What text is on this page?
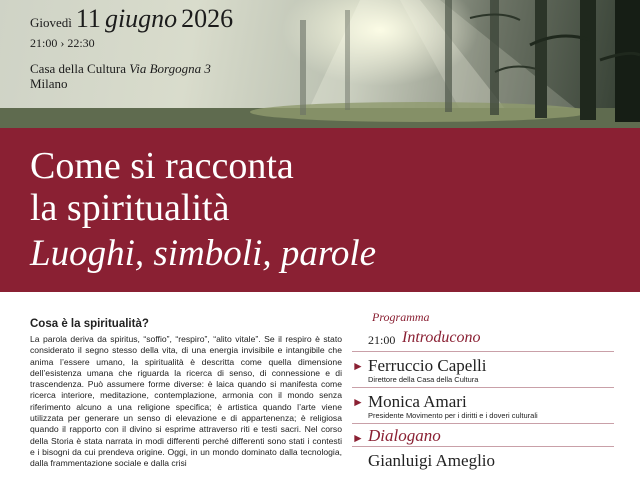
Giovedì 11 giugno 2026
21:00 › 22:30
Casa della Cultura Via Borgogna 3
Milano
Come si racconta
la spiritualità
Luoghi, simboli, parole
Cosa è la spiritualità?

La parola deriva da spiritus, “soffio”, “respiro”, “alito vitale”. Se il respiro è stato considerato il segno stesso della vita, di una energia invisibile e intangibile che anima l’essere umano, la spiritualità è descritta come quella dimensione dell’esistenza umana che riguarda la ricerca di senso, di connessione e di trascendenza. Può assumere forme diverse: è laica quando si manifesta come ricerca interiore, meditazione, contemplazione, armonia con il mondo senza riferimento alcuno a una religione specifica; è artistica quando l’arte viene utilizzata per generare un senso di elevazione e di appartenenza; è religiosa quando il rapporto con il divino si esprime attraverso riti e testi sacri. Nel corso della Storia è stata narrata in modi differenti perché differenti sono stati i contesti e i bisogni da cui prendeva origine. Oggi, in un mondo dominato dalla tecnologia, dalla frammentazione sociale e dalla crisi

Programma
21:00 Introducono
► Ferruccio Capelli
Direttore della Casa della Cultura
► Monica Amari
Presidente Movimento per i diritti e i doveri culturali
► Dialogano
Gianluigi Ameglio
